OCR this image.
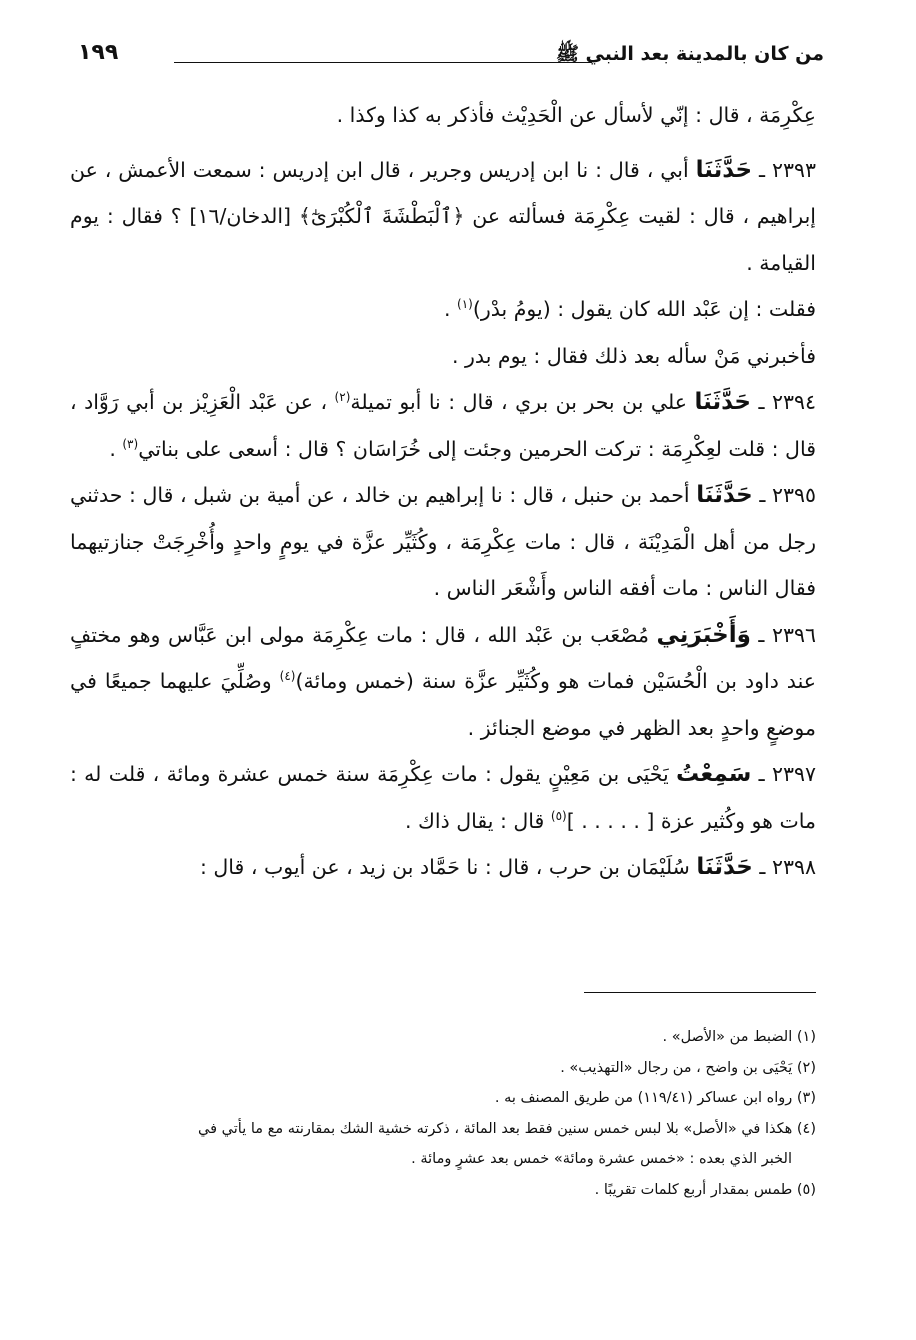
من كان بالمدينة بعد النبي ﷺ
١٩٩

عِكْرِمَة ، قال : إنّي لأسأل عن الْحَدِيْث فأذكر به كذا وكذا .

٢٣٩٣ ـ حَدَّثَنَا أبي ، قال : نا ابن إدريس وجرير ، قال ابن إدريس : سمعت الأعمش ، عن إبراهيم ، قال : لقيت عِكْرِمَة فسألته عن ﴿ٱلْبَطْشَةَ ٱلْكُبْرَىٰٓ﴾ [الدخان/١٦] ؟ فقال : يوم القيامة .

فقلت : إن عَبْد الله كان يقول : (يومُ بدْر)$^{(١)}$ .

فأخبرني مَنْ سأله بعد ذلك فقال : يوم بدر .

٢٣٩٤ ـ حَدَّثَنَا علي بن بحر بن بري ، قال : نا أبو تميلة$^{(٢)}$ ، عن عَبْد الْعَزِيْز بن أبي رَوَّاد ، قال : قلت لعِكْرِمَة : تركت الحرمين وجئت إلى خُرَاسَان ؟ قال : أسعى على بناتي$^{(٣)}$ .

٢٣٩٥ ـ حَدَّثَنَا أحمد بن حنبل ، قال : نا إبراهيم بن خالد ، عن أمية بن شبل ، قال : حدثني رجل من أهل الْمَدِيْنَة ، قال : مات عِكْرِمَة ، وكُثَيِّر عزَّة في يومٍ واحدٍ وأُخْرِجَتْ جنازتيهما فقال الناس : مات أفقه الناس وأَشْعَر الناس .

٢٣٩٦ ـ وَأَخْبَرَنِي مُصْعَب بن عَبْد الله ، قال : مات عِكْرِمَة مولى ابن عَبَّاس وهو مختفٍ عند داود بن الْحُسَيْن فمات هو وكُثَيِّر عزَّة سنة (خمس ومائة)$^{(٤)}$ وصُلِّيَ عليهما جميعًا في موضعٍ واحدٍ بعد الظهر في موضع الجنائز .

٢٣٩٧ ـ سَمِعْتُ يَحْيَى بن مَعِيْنٍ يقول : مات عِكْرِمَة سنة خمس عشرة ومائة ، قلت له : مات هو وكُثير عزة [ . . . . . ]$^{(٥)}$ قال : يقال ذاك .

٢٣٩٨ ـ حَدَّثَنَا سُلَيْمَان بن حرب ، قال : نا حَمَّاد بن زيد ، عن أيوب ، قال :

(١) الضبط من «الأصل» .

(٢) يَحْيَى بن واضح ، من رجال «التهذيب» .

(٣) رواه ابن عساكر (١١٩/٤١) من طريق المصنف به .

(٤) هكذا في «الأصل» بلا لبس خمس سنين فقط بعد المائة ، ذكرته خشية الشك بمقارنته مع ما يأتي في

الخبر الذي بعده : «خمس عشرة ومائة» خمس بعد عشرٍ ومائة .

(٥) طمس بمقدار أربع كلمات تقريبًا .
